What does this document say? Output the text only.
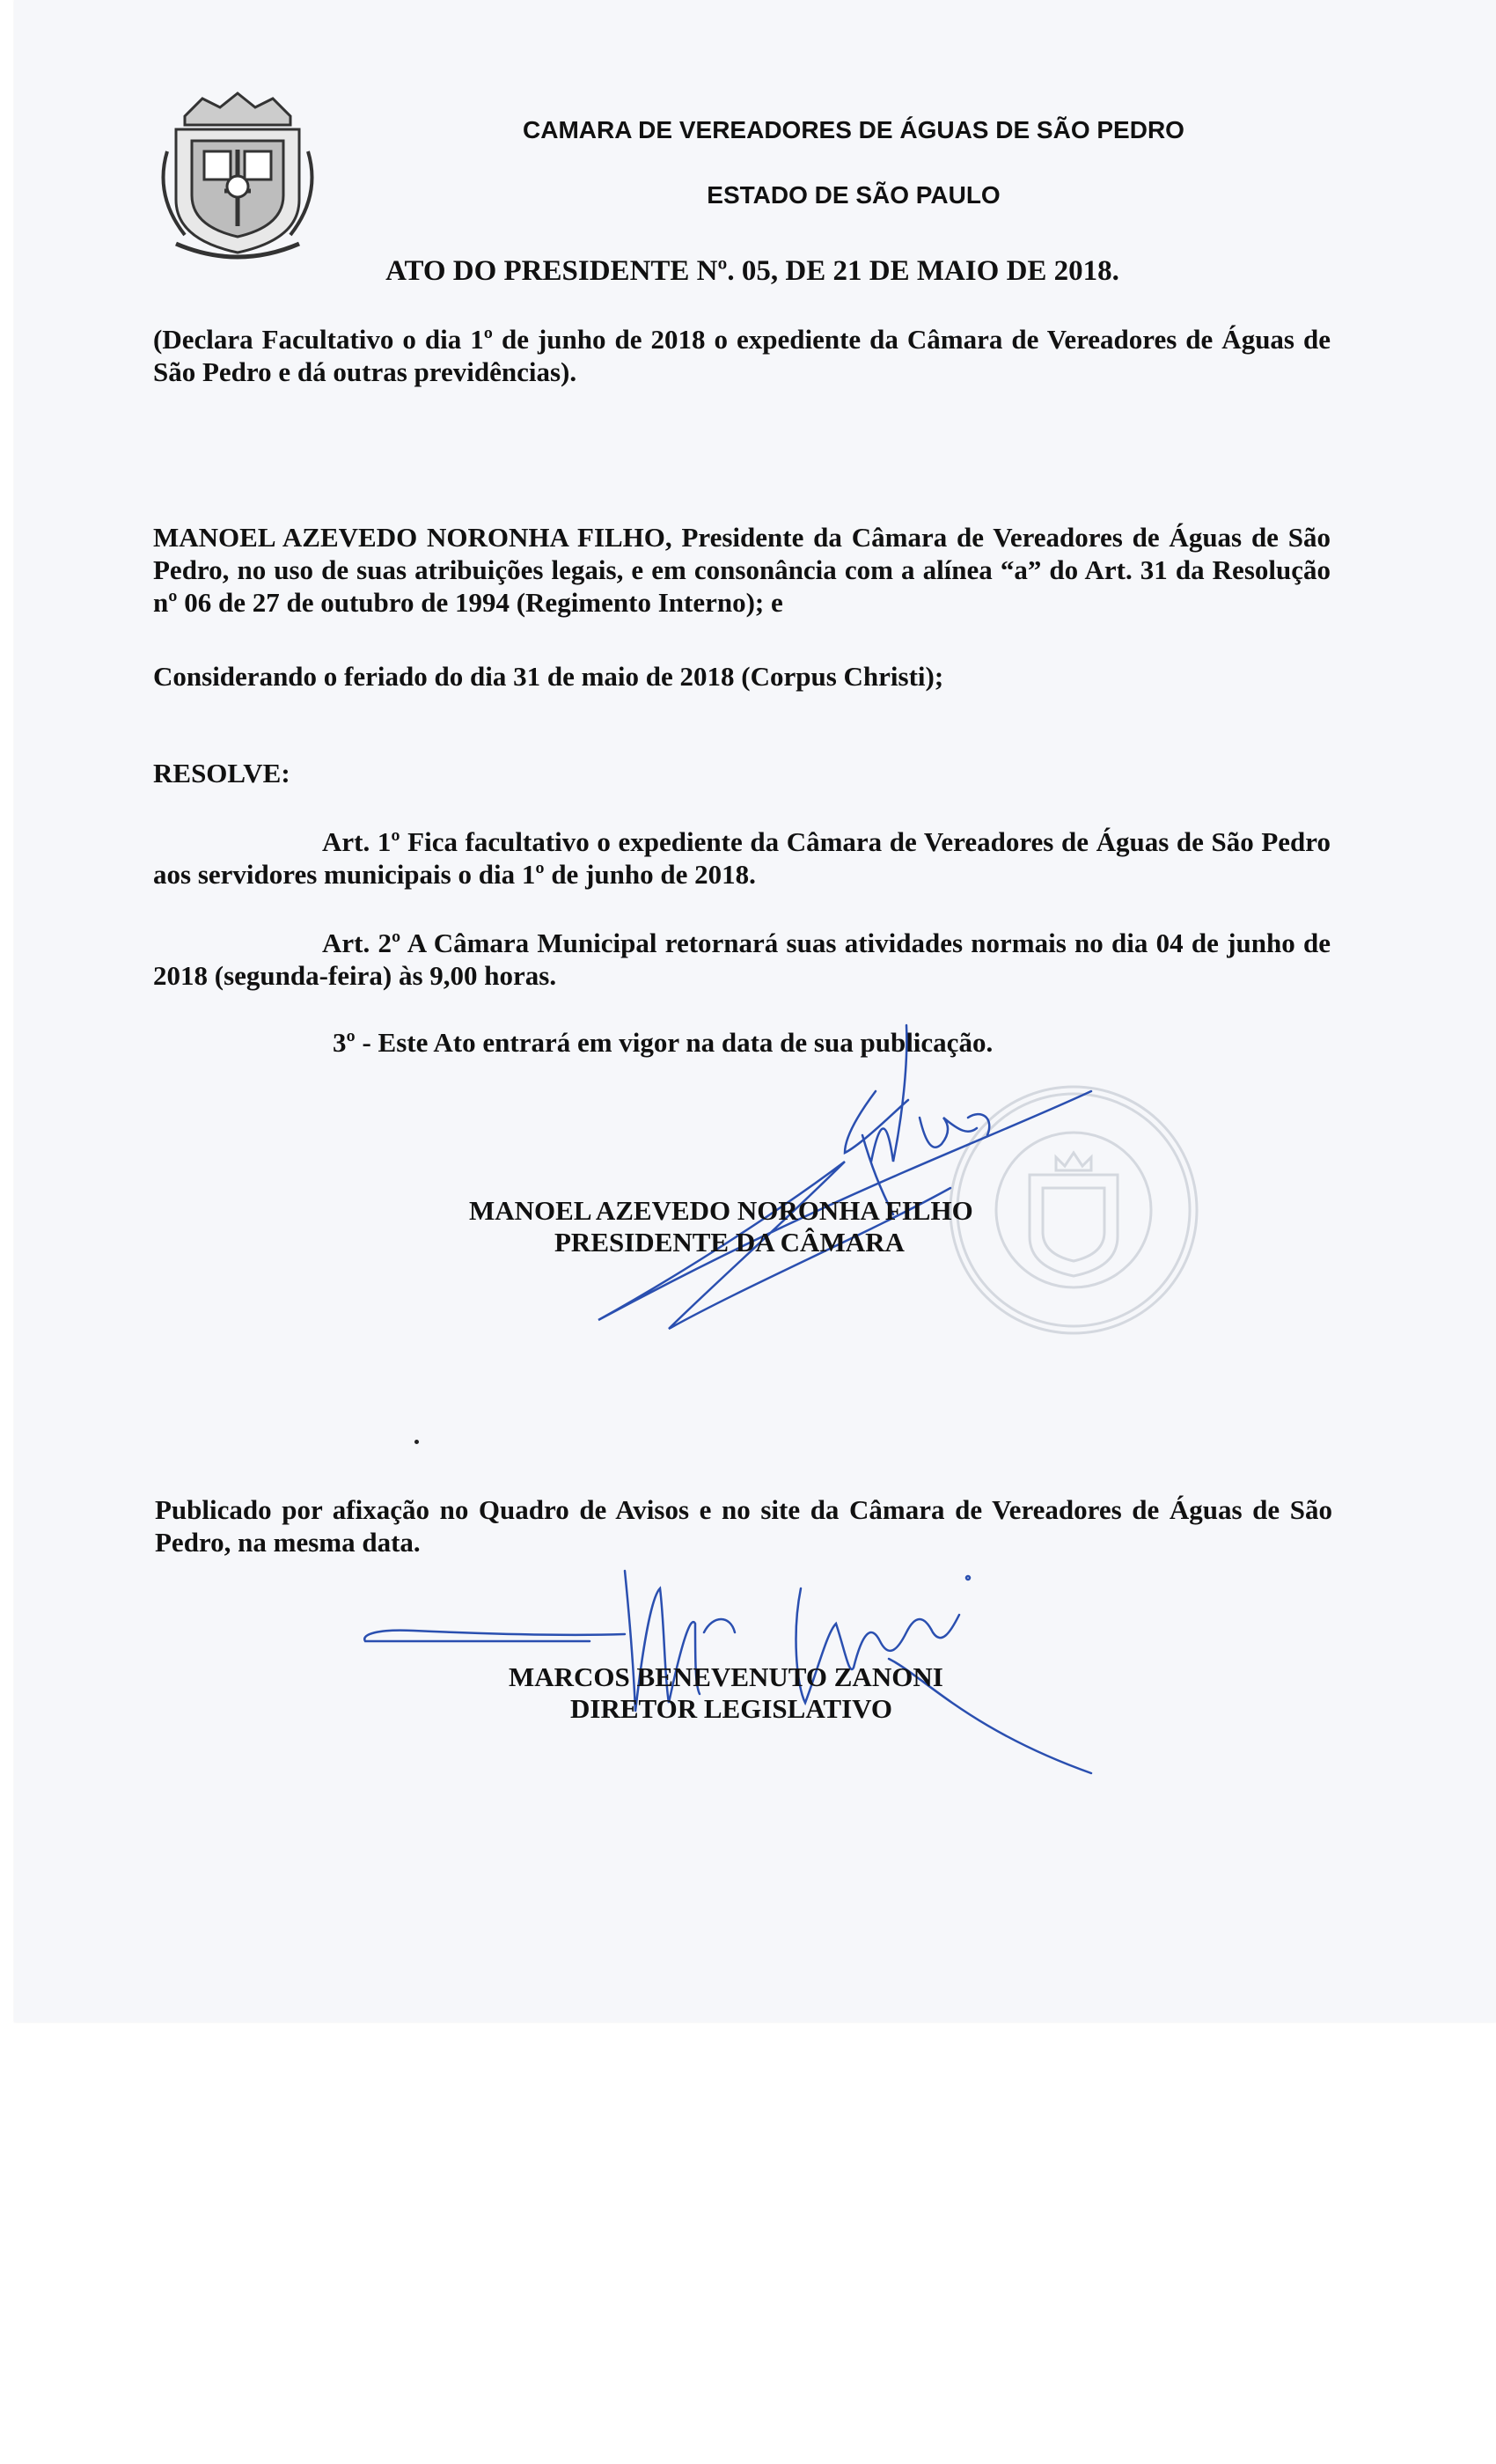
CAMARA DE VEREADORES DE ÁGUAS DE SÃO PEDRO
ESTADO DE SÃO PAULO
ATO DO PRESIDENTE Nº. 05, DE 21 DE MAIO DE 2018.
(Declara Facultativo o dia 1º de junho de 2018 o expediente da Câmara de Vereadores de Águas de São Pedro e dá outras previdências).
MANOEL AZEVEDO NORONHA FILHO, Presidente da Câmara de Vereadores de Águas de São Pedro, no uso de suas atribuições legais, e em consonância com a alínea “a” do Art. 31 da Resolução nº 06 de 27 de outubro de 1994 (Regimento Interno); e
Considerando o feriado do dia 31 de maio de 2018 (Corpus Christi);
RESOLVE:
Art. 1º Fica facultativo o expediente da Câmara de Vereadores de Águas de São Pedro aos servidores municipais o dia 1º de junho de 2018.
Art. 2º A Câmara Municipal retornará suas atividades normais no dia 04 de junho de 2018 (segunda-feira) às 9,00 horas.
3º - Este Ato entrará em vigor na data de sua publicação.
MANOEL AZEVEDO NORONHA FILHO
PRESIDENTE DA CÂMARA
Publicado por afixação no Quadro de Avisos e no site da Câmara de Vereadores de Águas de São Pedro, na mesma data.
MARCOS BENEVENUTO ZANONI
DIRETOR LEGISLATIVO
